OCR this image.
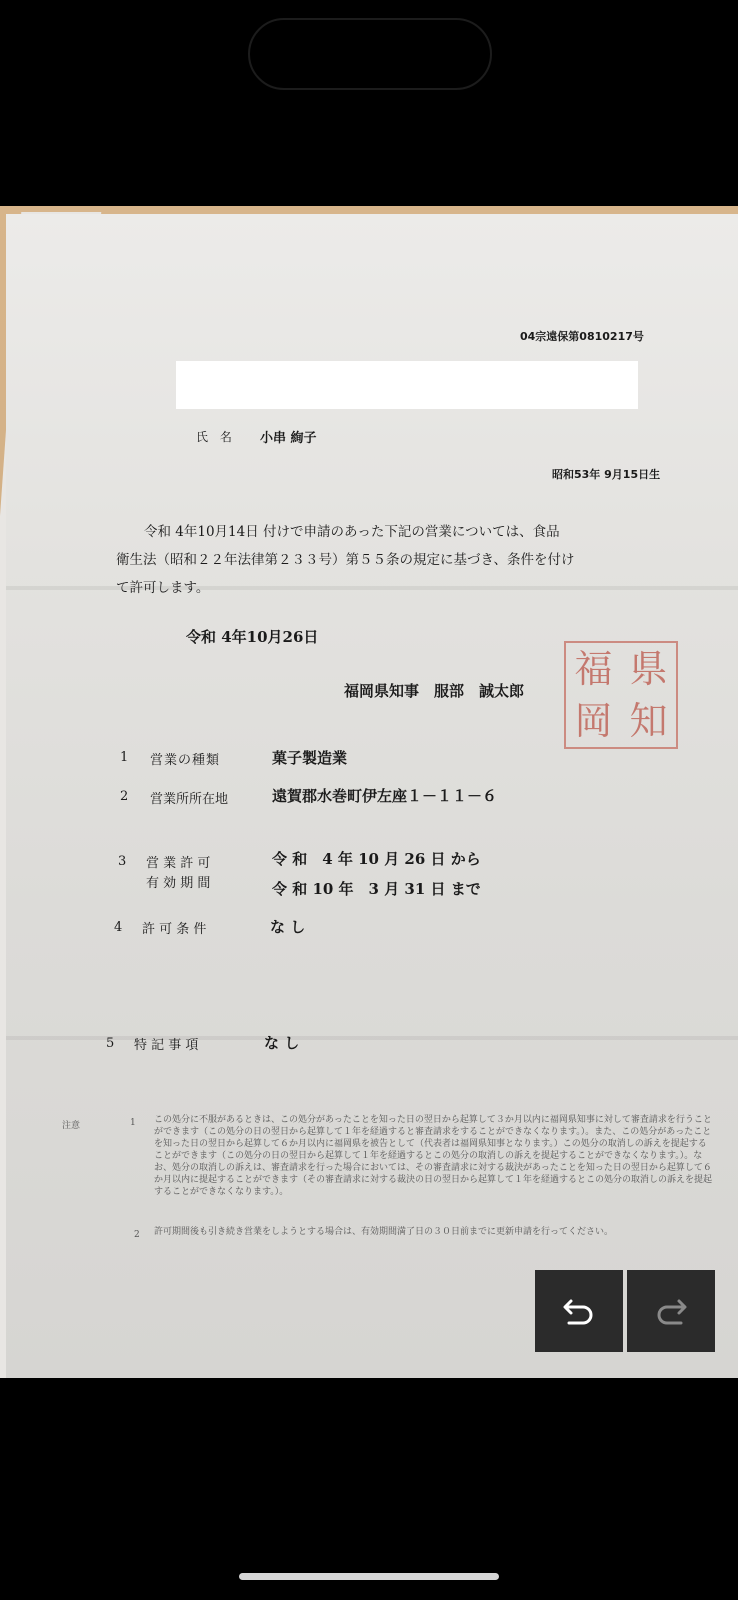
04宗遠保第0810217号
氏 名 小串 絢子
昭和53年 9月15日生
令和 4年10月14日 付けで申請のあった下記の営業については、食品
衛生法（昭和２２年法律第２３３号）第５５条の規定に基づき、条件を付け
て許可します。
令和 4年10月26日
福岡県知事　服部　誠太郎 福 県
岡 知
1 営業の種類	菓子製造業
2 営業所所在地	遠賀郡水巻町伊左座１－１１－６
3 営 業 許 可
有 効 期 間
令 和　4 年 10 月 26 日 から
令 和 10 年　3 月 31 日 まで
4 許 可 条 件	な し
5 特 記 事 項	な し
注意	1 この処分に不服があるときは、この処分があったことを知った日の翌日から起算して３か月以内に福岡県知事に対して審査請求を行うことができます（この処分の日の翌日から起算して１年を経過すると審査請求をすることができなくなります。）。また、この処分があったことを知った日の翌日から起算して６か月以内に福岡県を被告として（代表者は福岡県知事となります。）この処分の取消しの訴えを提起することができます（この処分の日の翌日から起算して１年を経過するとこの処分の取消しの訴えを提起することができなくなります。）。なお、処分の取消しの訴えは、審査請求を行った場合においては、その審査請求に対する裁決があったことを知った日の翌日から起算して６か月以内に提起することができます（その審査請求に対する裁決の日の翌日から起算して１年を経過するとこの処分の取消しの訴えを提起することができなくなります。）。
2 許可期間後も引き続き営業をしようとする場合は、有効期間満了日の３０日前までに更新申請を行ってください。
